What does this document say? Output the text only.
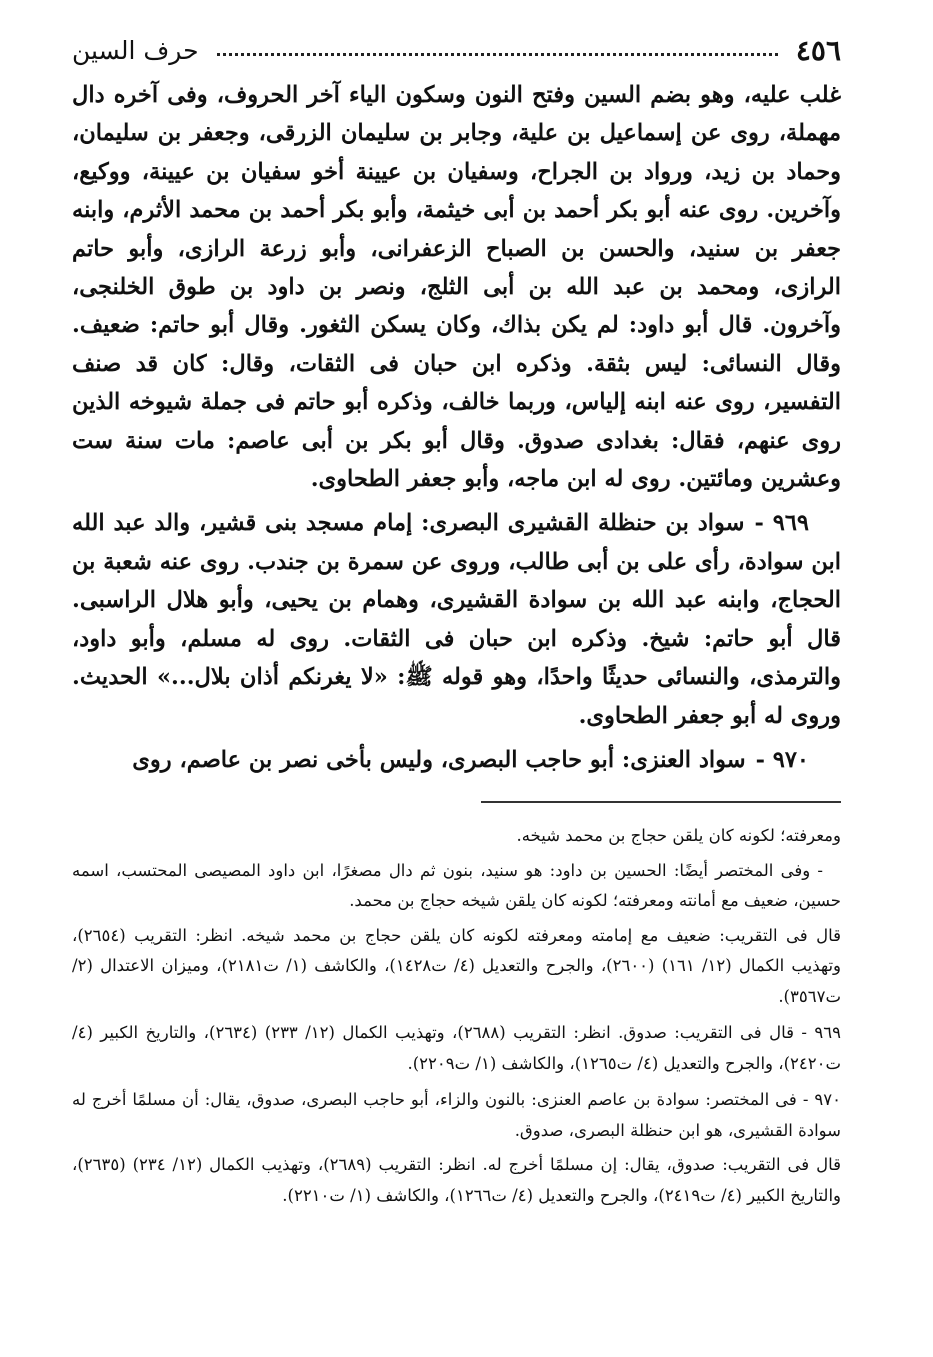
٤٥٦
حرف السين

غلب عليه، وهو بضم السين وفتح النون وسكون الياء آخر الحروف، وفى آخره دال مهملة، روى عن إسماعيل بن علية، وجابر بن سليمان الزرقى، وجعفر بن سليمان، وحماد بن زيد، ورواد بن الجراح، وسفيان بن عيينة أخو سفيان بن عيينة، ووكيع، وآخرين. روى عنه أبو بكر أحمد بن أبى خيثمة، وأبو بكر أحمد بن محمد الأثرم، وابنه جعفر بن سنيد، والحسن بن الصباح الزعفرانى، وأبو زرعة الرازى، وأبو حاتم الرازى، ومحمد بن عبد الله بن أبى الثلج، ونصر بن داود بن طوق الخلنجى، وآخرون. قال أبو داود: لم يكن بذاك، وكان يسكن الثغور. وقال أبو حاتم: ضعيف. وقال النسائى: ليس بثقة. وذكره ابن حبان فى الثقات، وقال: كان قد صنف التفسير، روى عنه ابنه إلياس، وربما خالف، وذكره أبو حاتم فى جملة شيوخه الذين روى عنهم، فقال: بغدادى صدوق. وقال أبو بكر بن أبى عاصم: مات سنة ست وعشرين ومائتين. روى له ابن ماجه، وأبو جعفر الطحاوى.

٩٦٩ -سواد بن حنظلة القشيرى البصرى: إمام مسجد بنى قشير، والد عبد الله ابن سوادة، رأى على بن أبى طالب، وروى عن سمرة بن جندب. روى عنه شعبة بن الحجاج، وابنه عبد الله بن سوادة القشيرى، وهمام بن يحيى، وأبو هلال الراسبى. قال أبو حاتم: شيخ. وذكره ابن حبان فى الثقات. روى له مسلم، وأبو داود، والترمذى، والنسائى حديثًا واحدًا، وهو قوله ﷺ: «لا يغرنكم أذان بلال...» الحديث. وروى له أبو جعفر الطحاوى.

٩٧٠ -سواد العنزى: أبو حاجب البصرى، وليس بأخى نصر بن عاصم، روى

ومعرفته؛ لكونه كان يلقن حجاج بن محمد شيخه.

- وفى المختصر أيضًا: الحسين بن داود: هو سنيد، بنون ثم دال مصغرًا، ابن داود المصيصى المحتسب، اسمه حسين، ضعيف مع أمانته ومعرفته؛ لكونه كان يلقن شيخه حجاج بن محمد.

قال فى التقريب: ضعيف مع إمامته ومعرفته لكونه كان يلقن حجاج بن محمد شيخه. انظر: التقريب (٢٦٥٤)، وتهذيب الكمال (١٢/ ١٦١) (٢٦٠٠)، والجرح والتعديل (٤/ ت١٤٢٨)، والكاشف (١/ ت٢١٨١)، وميزان الاعتدال (٢/ ت٣٥٦٧).

٩٦٩ - قال فى التقريب: صدوق. انظر: التقريب (٢٦٨٨)، وتهذيب الكمال (١٢/ ٢٣٣) (٢٦٣٤)، والتاريخ الكبير (٤/ ت٢٤٢٠)، والجرح والتعديل (٤/ ت١٢٦٥)، والكاشف (١/ ت٢٢٠٩).

٩٧٠ - فى المختصر: سوادة بن عاصم العنزى: بالنون والزاء، أبو حاجب البصرى، صدوق، يقال: أن مسلمًا أخرج له سوادة القشيرى، هو ابن حنظلة البصرى، صدوق.

قال فى التقريب: صدوق، يقال: إن مسلمًا أخرج له. انظر: التقريب (٢٦٨٩)، وتهذيب الكمال (١٢/ ٢٣٤) (٢٦٣٥)، والتاريخ الكبير (٤/ ت٢٤١٩)، والجرح والتعديل (٤/ ت١٢٦٦)، والكاشف (١/ ت٢٢١٠).
